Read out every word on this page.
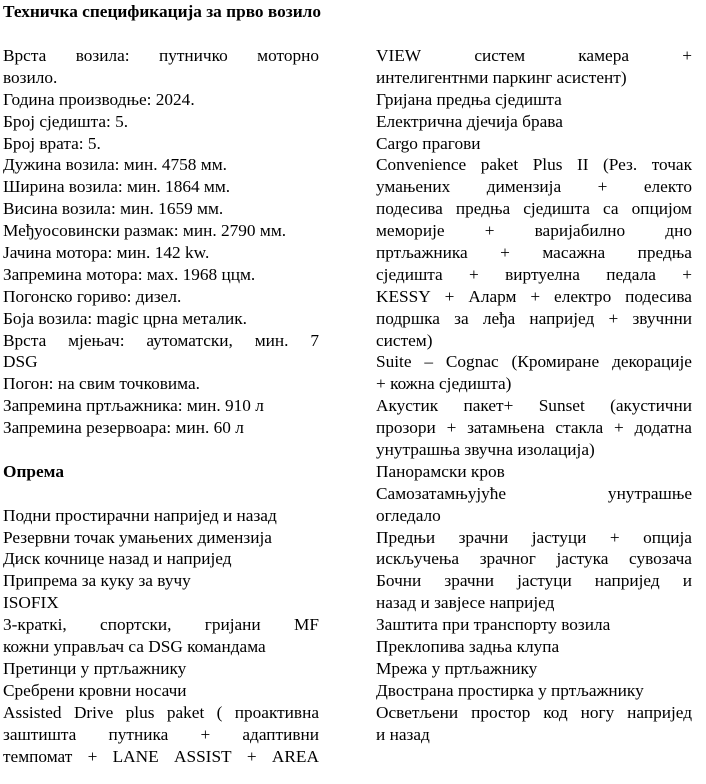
Техничка спецификација за прво возило
Врста возила: путничко моторно
возило.
Година производње: 2024.
Број сједишта: 5.
Број врата: 5.
Дужина возила: мин. 4758 мм.
Ширина возила: мин. 1864 мм.
Висина возила: мин. 1659 мм.
Међуосовински размак: мин. 2790 мм.
Јачина мотора: мин. 142 kw.
Запремина мотора: мах. 1968 ццм.
Погонско гориво: дизел.
Боја возила: magic црна металик.
Врста мјењач: аутоматски, мин. 7
DSG
Погон: на свим точковима.
Запремина пртљажника: мин. 910 л
Запремина резервоара: мин. 60 л
Опрема
Подни простирачни напријед и назад
Резервни точак умањених димензија
Диск кочнице назад и напријед
Припрема за куку за вучу
ISOFIX
3-краткi, спортски, гријани MF
кожни управљач са DSG командама
Претинци у пртљажнику
Сребрени кровни носачи
Assisted Drive plus paket ( проактивна
заштишта путника + адаптивни
темпомат + LANE ASSIST + AREA
VIEW	систем	камера	+
интелигентнми паркинг асистент)
Гријана предња сједишта
Електрична дјечија брава
Cargo прагови
Convenience paket Plus II (Рез. точак
умањених димензија + електо
подесива предња сједишта са опцијом
меморије + варијабилно дно
пртљажника + масажна предња
сједишта + виртуелна педала +
KESSY + Аларм + електро подесива
подршка за леђа напријед + звучнни
систем)
Suite – Cognac (Кромиране декорације
+ кожна сједишта)
Акустик пакет+ Sunset (акустични
прозори + затамњена стакла + додатна
унутрашња звучна изолација)
Панорамски кров
Самозатамњујуће	унутрашње
огледало
Предњи зрачни јастуци + опција
искључења зрачног јастука сувозача
Бочни зрачни јастуци напријед и
назад и завјесе напријед
Заштита при транспорту возила
Преклопива задња клупа
Мрежа у пртљажнику
Двострана простирка у пртљажнику
Осветљени простор код ногу напријед
и назад
